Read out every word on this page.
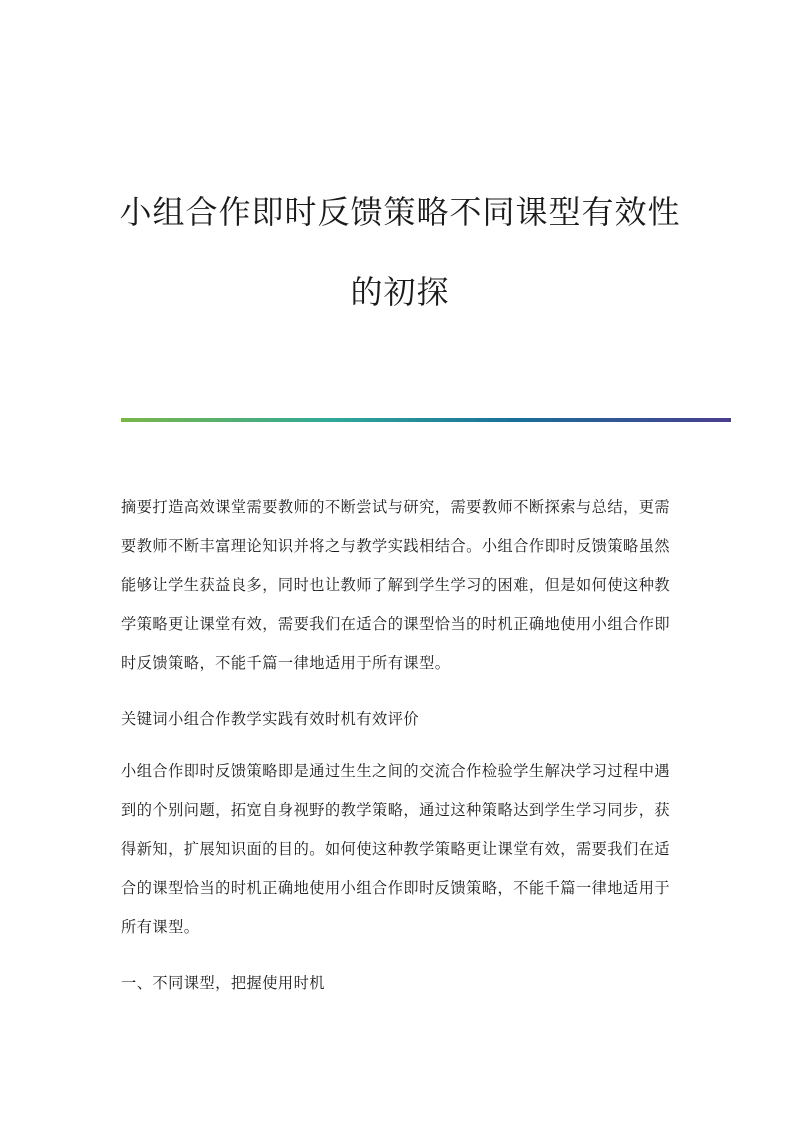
小组合作即时反馈策略不同课型有效性
的初探

摘要打造高效课堂需要教师的不断尝试与研究，需要教师不断探索与总结，更需要教师不断丰富理论知识并将之与教学实践相结合。小组合作即时反馈策略虽然能够让学生获益良多，同时也让教师了解到学生学习的困难，但是如何使这种教学策略更让课堂有效，需要我们在适合的课型恰当的时机正确地使用小组合作即时反馈策略，不能千篇一律地适用于所有课型。

关键词小组合作教学实践有效时机有效评价

小组合作即时反馈策略即是通过生生之间的交流合作检验学生解决学习过程中遇到的个别问题，拓宽自身视野的教学策略，通过这种策略达到学生学习同步，获得新知，扩展知识面的目的。如何使这种教学策略更让课堂有效，需要我们在适合的课型恰当的时机正确地使用小组合作即时反馈策略，不能千篇一律地适用于所有课型。

一、不同课型，把握使用时机
